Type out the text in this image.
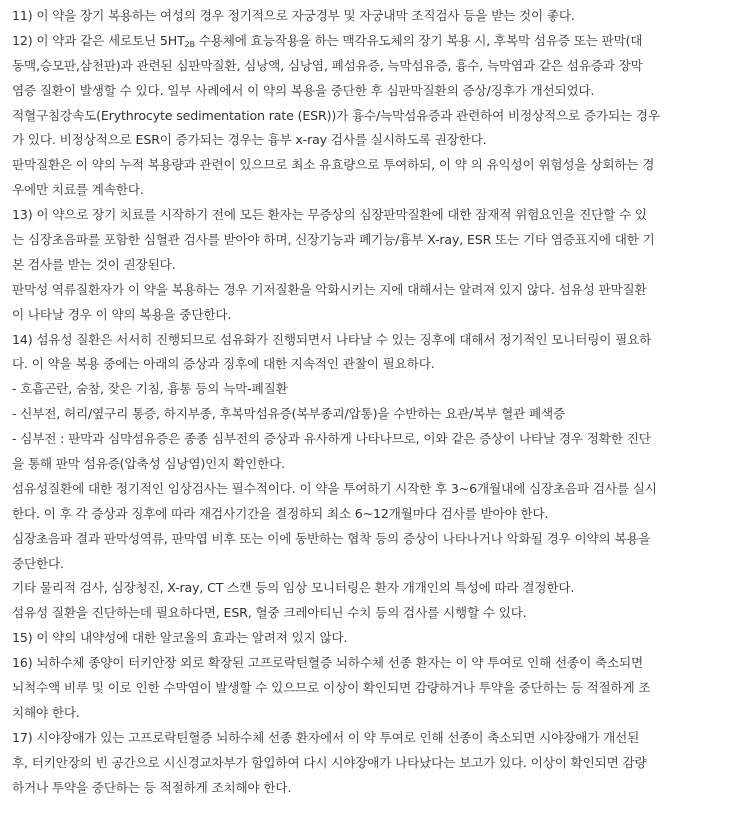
11) 이 약을 장기 복용하는 여성의 경우 정기적으로 자궁경부 및 자궁내막 조직검사 등을 받는 것이 좋다.
12) 이 약과 같은 세로토닌 $5HT_{2B}$ 수용체에 효능작용을 하는 맥각유도체의 장기 복용 시, 후복막 섬유증 또는 판막(대
동맥,승모판,삼천판)과 관련된 심판막질환, 심낭액, 심낭염, 폐섬유증, 늑막섬유증, 흉수, 늑막염과 같은 섬유증과 장막
염증 질환이 발생할 수 있다. 일부 사례에서 이 약의 복용을 중단한 후 심판막질환의 증상/징후가 개선되었다.
적혈구침강속도(Erythrocyte sedimentation rate (ESR))가 흉수/늑막섬유증과 관련하여 비정상적으로 증가되는 경우
가 있다. 비정상적으로 ESR이 증가되는 경우는 흉부 x-ray 검사를 실시하도록 권장한다.
판막질환은 이 약의 누적 복용량과 관련이 있으므로 최소 유효량으로 투여하되, 이 약 의 유익성이 위험성을 상회하는 경
우에만 치료를 계속한다.
13) 이 약으로 장기 치료를 시작하기 전에 모든 환자는 무증상의 심장판막질환에 대한 잠재적 위험요인을 진단할 수 있
는 심장초음파를 포함한 심혈관 검사를 받아야 하며, 신장기능과 폐기능/흉부 X-ray, ESR 또는 기타 염증표지에 대한 기
본 검사를 받는 것이 권장된다.
판막성 역류질환자가 이 약을 복용하는 경우 기저질환을 악화시키는 지에 대해서는 알려져 있지 않다. 섬유성 판막질환
이 나타날 경우 이 약의 복용을 중단한다.
14) 섬유성 질환은 서서히 진행되므로 섬유화가 진행되면서 나타날 수 있는 징후에 대해서 정기적인 모니터링이 필요하
다. 이 약을 복용 중에는 아래의 증상과 징후에 대한 지속적인 관찰이 필요하다.
- 호흡곤란, 숨참, 잦은 기침, 흉통 등의 늑막-폐질환
- 신부전, 허리/옆구리 통증, 하지부종, 후복막섬유증(복부종괴/압통)을 수반하는 요관/복부 혈관 폐색증
- 심부전 : 판막과 심막섬유증은 종종 심부전의 증상과 유사하게 나타나므로, 이와 같은 증상이 나타날 경우 정확한 진단
을 통해 판막 섬유증(압축성 심낭염)인지 확인한다.
섬유성질환에 대한 정기적인 임상검사는 필수적이다. 이 약을 투여하기 시작한 후 3~6개월내에 심장초음파 검사를 실시
한다. 이 후 각 증상과 징후에 따라 재검사기간을 결정하되 최소 6~12개월마다 검사를 받아야 한다.
심장초음파 결과 판막성역류, 판막엽 비후 또는 이에 동반하는 협착 등의 증상이 나타나거나 악화될 경우 이약의 복용을
중단한다.
기타 물리적 검사, 심장청진, X-ray, CT 스캔 등의 임상 모니터링은 환자 개개인의 특성에 따라 결정한다.
섬유성 질환을 진단하는데 필요하다면, ESR, 혈중 크레아티닌 수치 등의 검사를 시행할 수 있다.
15) 이 약의 내약성에 대한 알코올의 효과는 알려져 있지 않다.
16) 뇌하수체 종양이 터키안장 외로 확장된 고프로락틴혈증 뇌하수체 선종 환자는 이 약 투여로 인해 선종이 축소되면
뇌척수액 비루 및 이로 인한 수막염이 발생할 수 있으므로 이상이 확인되면 감량하거나 투약을 중단하는 등 적절하게 조
치해야 한다.
17) 시야장애가 있는 고프로락틴혈증 뇌하수체 선종 환자에서 이 약 투여로 인해 선종이 축소되면 시야장애가 개선된
후, 터키안장의 빈 공간으로 시신경교차부가 함입하여 다시 시야장애가 나타났다는 보고가 있다. 이상이 확인되면 감량
하거나 투약을 중단하는 등 적절하게 조치해야 한다.
